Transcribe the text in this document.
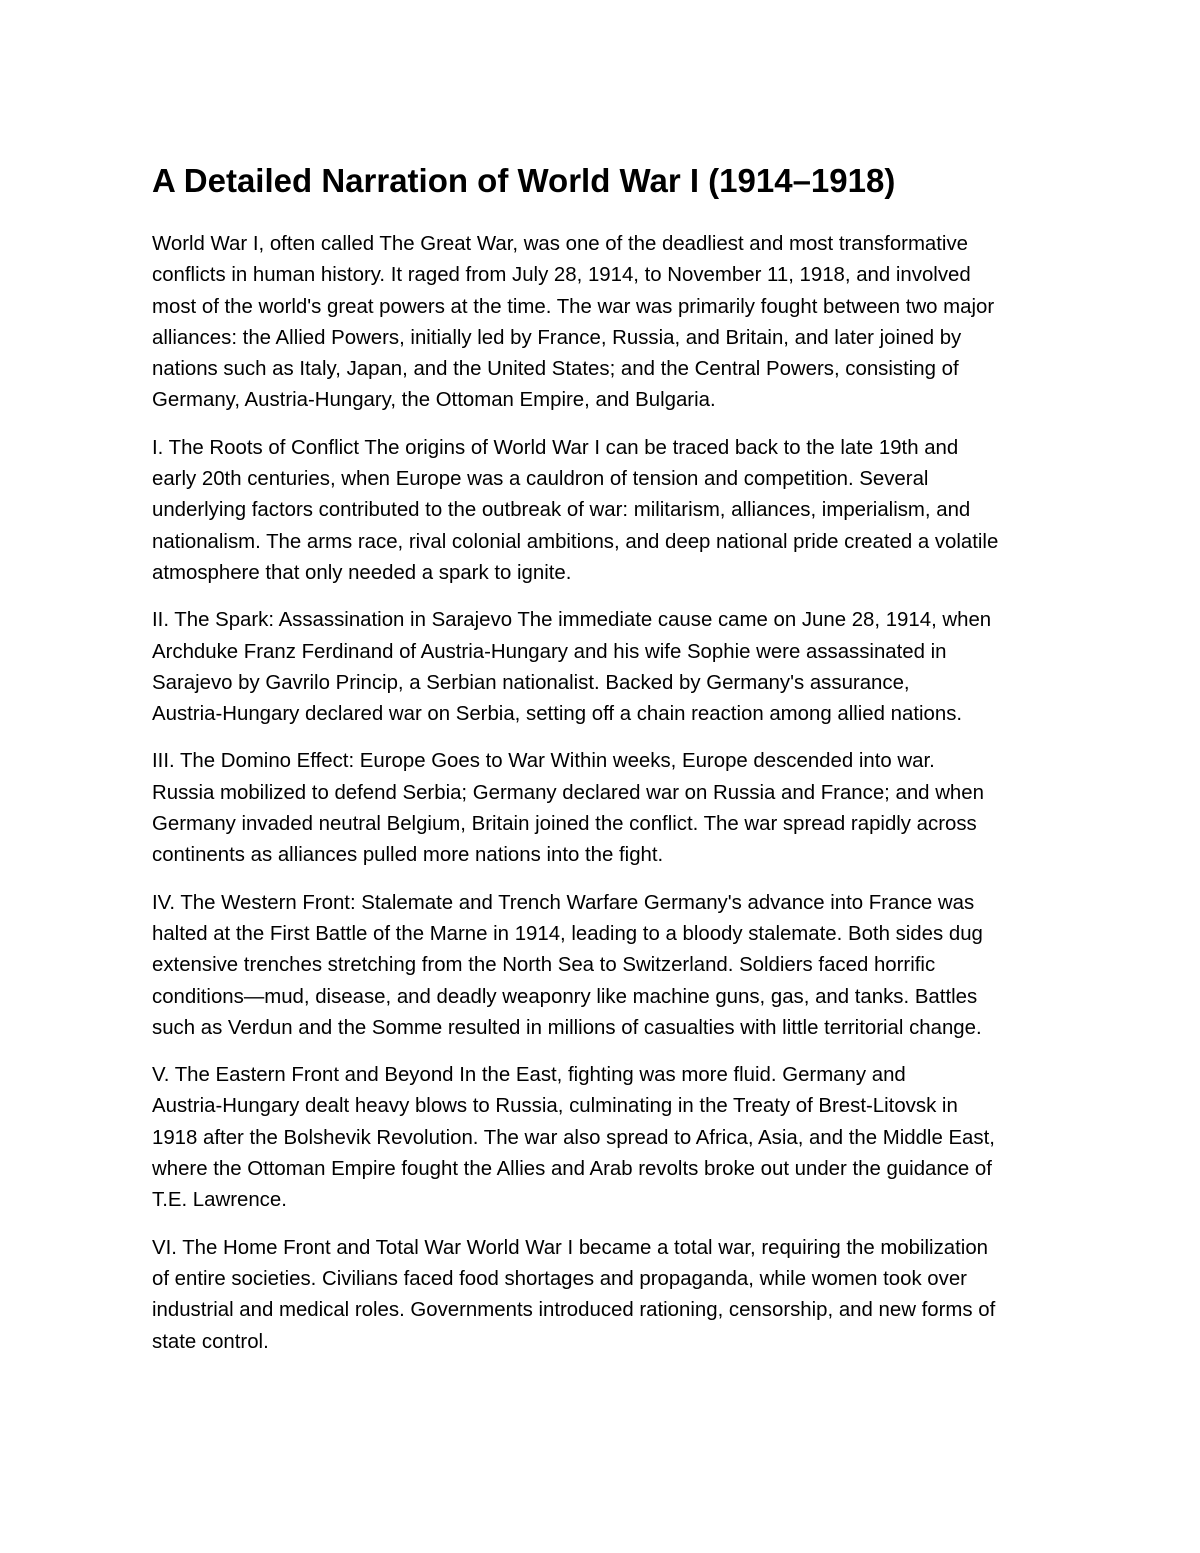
A Detailed Narration of World War I (1914–1918)

World War I, often called The Great War, was one of the deadliest and most transformative
conflicts in human history. It raged from July 28, 1914, to November 11, 1918, and involved
most of the world's great powers at the time. The war was primarily fought between two major
alliances: the Allied Powers, initially led by France, Russia, and Britain, and later joined by
nations such as Italy, Japan, and the United States; and the Central Powers, consisting of
Germany, Austria-Hungary, the Ottoman Empire, and Bulgaria.

I. The Roots of Conflict The origins of World War I can be traced back to the late 19th and
early 20th centuries, when Europe was a cauldron of tension and competition. Several
underlying factors contributed to the outbreak of war: militarism, alliances, imperialism, and
nationalism. The arms race, rival colonial ambitions, and deep national pride created a volatile
atmosphere that only needed a spark to ignite.

II. The Spark: Assassination in Sarajevo The immediate cause came on June 28, 1914, when
Archduke Franz Ferdinand of Austria-Hungary and his wife Sophie were assassinated in
Sarajevo by Gavrilo Princip, a Serbian nationalist. Backed by Germany's assurance,
Austria-Hungary declared war on Serbia, setting off a chain reaction among allied nations.

III. The Domino Effect: Europe Goes to War Within weeks, Europe descended into war.
Russia mobilized to defend Serbia; Germany declared war on Russia and France; and when
Germany invaded neutral Belgium, Britain joined the conflict. The war spread rapidly across
continents as alliances pulled more nations into the fight.

IV. The Western Front: Stalemate and Trench Warfare Germany's advance into France was
halted at the First Battle of the Marne in 1914, leading to a bloody stalemate. Both sides dug
extensive trenches stretching from the North Sea to Switzerland. Soldiers faced horrific
conditions—mud, disease, and deadly weaponry like machine guns, gas, and tanks. Battles
such as Verdun and the Somme resulted in millions of casualties with little territorial change.

V. The Eastern Front and Beyond In the East, fighting was more fluid. Germany and
Austria-Hungary dealt heavy blows to Russia, culminating in the Treaty of Brest-Litovsk in
1918 after the Bolshevik Revolution. The war also spread to Africa, Asia, and the Middle East,
where the Ottoman Empire fought the Allies and Arab revolts broke out under the guidance of
T.E. Lawrence.

VI. The Home Front and Total War World War I became a total war, requiring the mobilization
of entire societies. Civilians faced food shortages and propaganda, while women took over
industrial and medical roles. Governments introduced rationing, censorship, and new forms of
state control.
